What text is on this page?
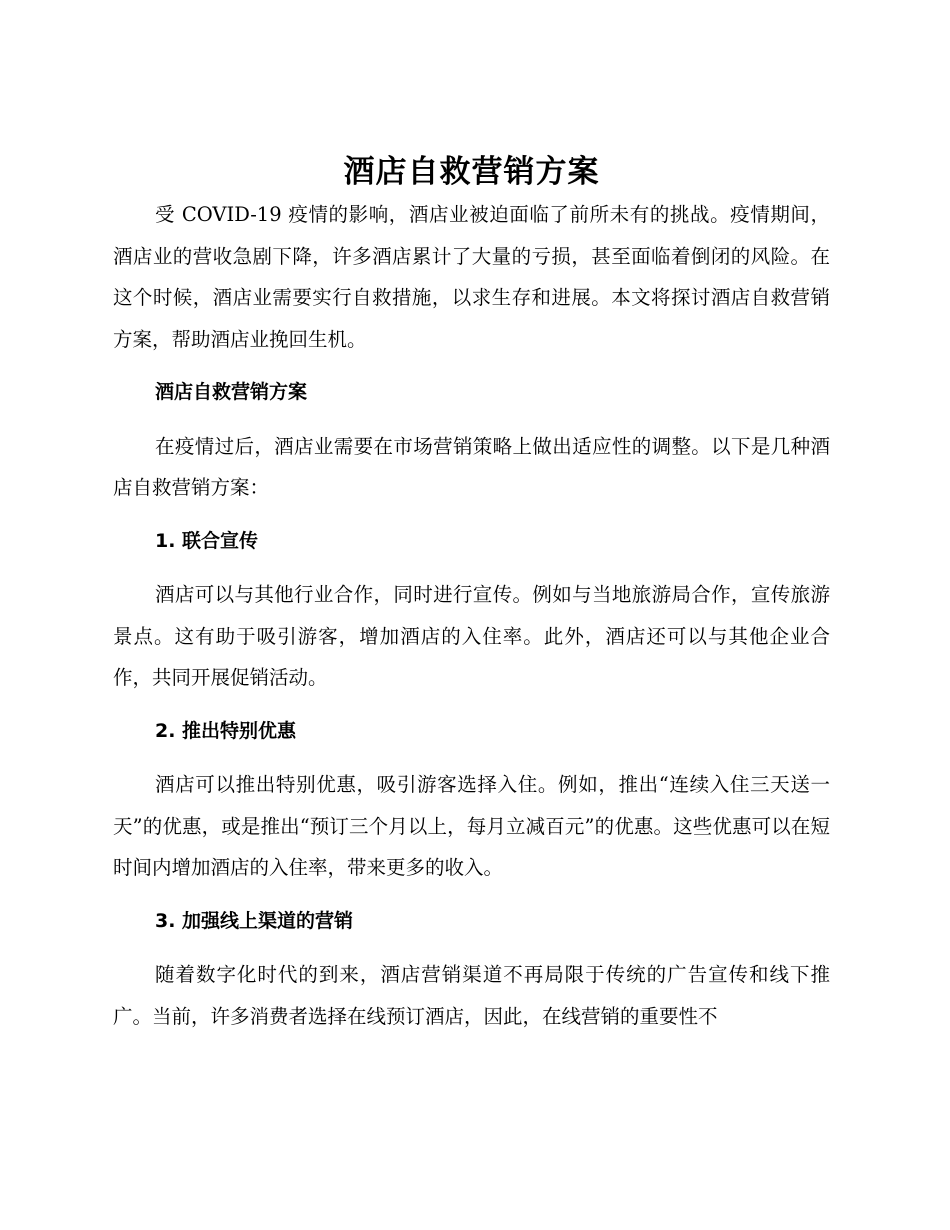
酒店自救营销方案

受 COVID-19 疫情的影响，酒店业被迫面临了前所未有的挑战。疫情期间，酒店业的营收急剧下降，许多酒店累计了大量的亏损，甚至面临着倒闭的风险。在这个时候，酒店业需要实行自救措施，以求生存和进展。本文将探讨酒店自救营销方案，帮助酒店业挽回生机。

酒店自救营销方案

在疫情过后，酒店业需要在市场营销策略上做出适应性的调整。以下是几种酒店自救营销方案：

1. 联合宣传

酒店可以与其他行业合作，同时进行宣传。例如与当地旅游局合作，宣传旅游景点。这有助于吸引游客，增加酒店的入住率。此外，酒店还可以与其他企业合作，共同开展促销活动。

2. 推出特别优惠

酒店可以推出特别优惠，吸引游客选择入住。例如，推出“连续入住三天送一天”的优惠，或是推出“预订三个月以上，每月立减百元”的优惠。这些优惠可以在短时间内增加酒店的入住率，带来更多的收入。

3. 加强线上渠道的营销

随着数字化时代的到来，酒店营销渠道不再局限于传统的广告宣传和线下推广。当前，许多消费者选择在线预订酒店，因此，在线营销的重要性不
